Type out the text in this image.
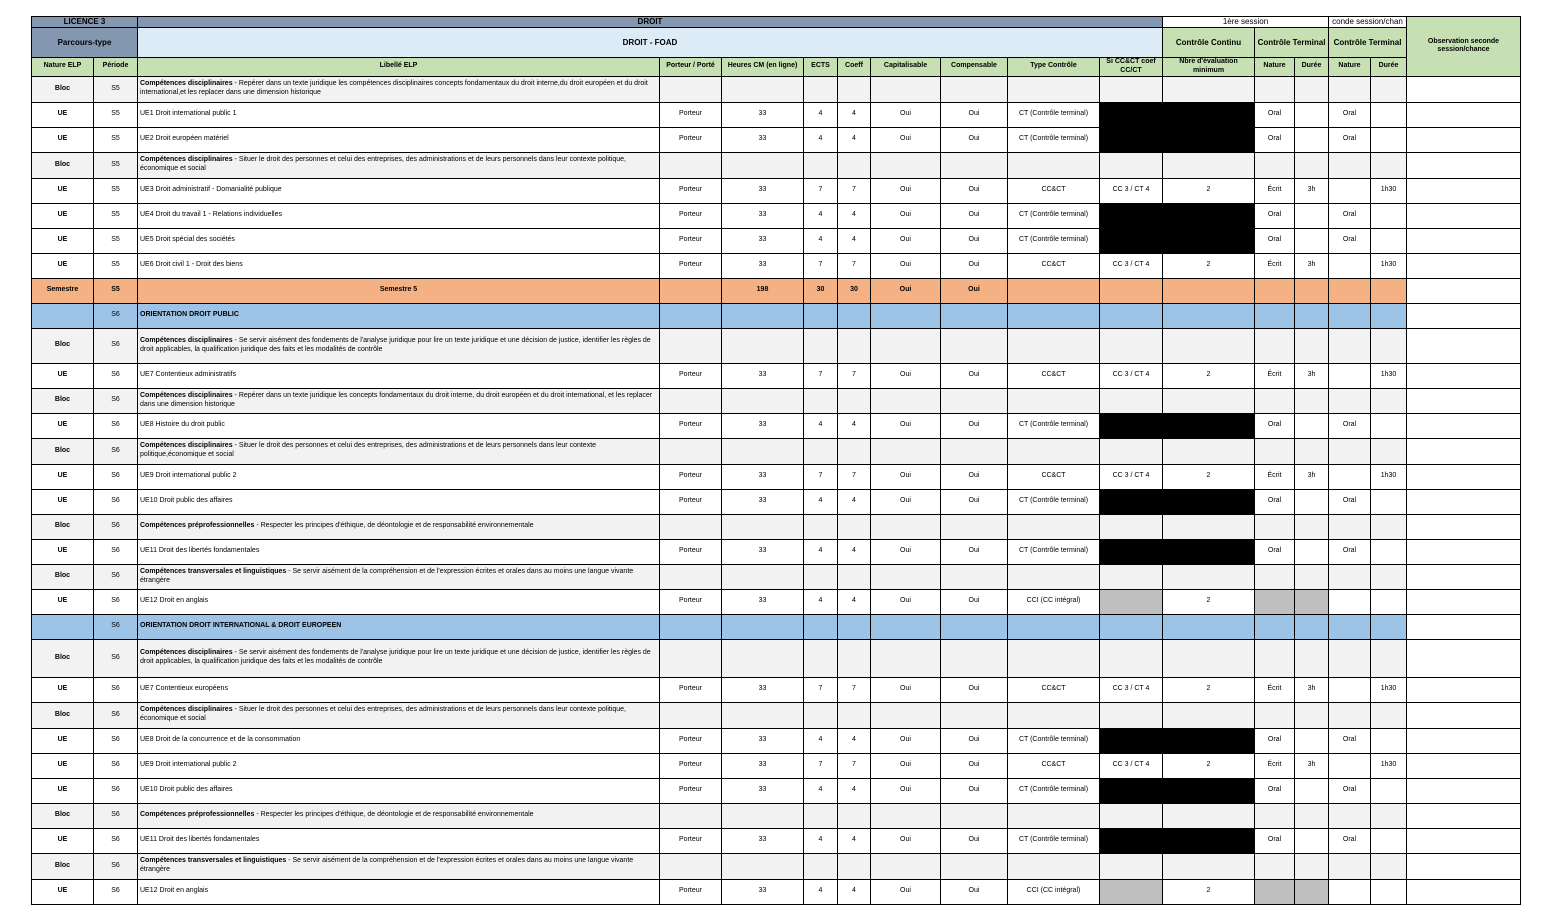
LICENCE 3		DROIT									1ère session			conde session/chan		Observation seconde session/chance
Parcours-type		DROIT - FOAD									Contrôle Continu	Contrôle Terminal		Contrôle Terminal		
Nature ELP	Période	Libellé ELP	Porteur / Porté	Heures CM (en ligne)	ECTS	Coeff	Capitalisable	Compensable	Type Contrôle	Si CC&CT coef CC/CT	Nbre d'évaluation minimum	Nature	Durée	Nature	Durée	
Bloc	S5	Compétences disciplinaires - Repérer dans un texte juridique les compétences disciplinaires concepts fondamentaux du droit interne,du droit européen et du droit international,et les replacer dans une dimension historique														
UE	S5	UE1 Droit international public 1	Porteur	33	4	4	Oui	Oui	CT (Contrôle terminal)			Oral		Oral		
UE	S5	UE2 Droit européen matériel	Porteur	33	4	4	Oui	Oui	CT (Contrôle terminal)			Oral		Oral		
Bloc	S5	Compétences disciplinaires - Situer le droit des personnes et celui des entreprises, des administrations et de leurs personnels dans leur contexte politique, économique et social														
UE	S5	UE3 Droit administratif - Domanialité publique	Porteur	33	7	7	Oui	Oui	CC&CT	CC 3 / CT 4	2	Écrit	3h		1h30	
UE	S5	UE4 Droit du travail 1 - Relations individuelles	Porteur	33	4	4	Oui	Oui	CT (Contrôle terminal)			Oral		Oral		
UE	S5	UE5 Droit spécial des sociétés	Porteur	33	4	4	Oui	Oui	CT (Contrôle terminal)			Oral		Oral		
UE	S5	UE6 Droit civil 1 - Droit des biens	Porteur	33	7	7	Oui	Oui	CC&CT	CC 3 / CT 4	2	Écrit	3h		1h30	
Semestre	S5	Semestre 5		198	30	30	Oui	Oui								
	S6	ORIENTATION DROIT PUBLIC														
Bloc	S6	Compétences disciplinaires - Se servir aisément des fondements de l'analyse juridique pour lire un texte juridique et une décision de justice, identifier les règles de droit applicables, la qualification juridique des faits et les modalités de contrôle														
UE	S6	UE7 Contentieux administratifs	Porteur	33	7	7	Oui	Oui	CC&CT	CC 3 / CT 4	2	Écrit	3h		1h30	
Bloc	S6	Compétences disciplinaires - Repérer dans un texte juridique les concepts fondamentaux du droit interne, du droit européen et du droit international, et les replacer dans une dimension historique														
UE	S6	UE8 Histoire du droit public	Porteur	33	4	4	Oui	Oui	CT (Contrôle terminal)			Oral		Oral		
Bloc	S6	Compétences disciplinaires - Situer le droit des personnes et celui des entreprises, des administrations et de leurs personnels dans leur contexte politique,économique et social														
UE	S6	UE9 Droit international public 2	Porteur	33	7	7	Oui	Oui	CC&CT	CC 3 / CT 4	2	Écrit	3h		1h30	
UE	S6	UE10 Droit public des affaires	Porteur	33	4	4	Oui	Oui	CT (Contrôle terminal)			Oral		Oral		
Bloc	S6	Compétences préprofessionnelles - Respecter les principes d'éthique, de déontologie et de responsabilité environnementale														
UE	S6	UE11 Droit des libertés fondamentales	Porteur	33	4	4	Oui	Oui	CT (Contrôle terminal)			Oral		Oral		
Bloc	S6	Compétences transversales et linguistiques - Se servir aisément de la compréhension et de l'expression écrites et orales dans au moins une langue vivante étrangère														
UE	S6	UE12 Droit en anglais	Porteur	33	4	4	Oui	Oui	CCI (CC intégral)		2					
	S6	ORIENTATION DROIT INTERNATIONAL & DROIT EUROPEEN														
Bloc	S6	Compétences disciplinaires - Se servir aisément des fondements de l'analyse juridique pour lire un texte juridique et une décision de justice, identifier les règles de droit applicables, la qualification juridique des faits et les modalités de contrôle														
UE	S6	UE7 Contentieux européens	Porteur	33	7	7	Oui	Oui	CC&CT	CC 3 / CT 4	2	Écrit	3h		1h30	
Bloc	S6	Compétences disciplinaires - Situer le droit des personnes et celui des entreprises, des administrations et de leurs personnels dans leur contexte politique, économique et social														
UE	S6	UE8 Droit de la concurrence et de la consommation	Porteur	33	4	4	Oui	Oui	CT (Contrôle terminal)			Oral		Oral		
UE	S6	UE9 Droit international public 2	Porteur	33	7	7	Oui	Oui	CC&CT	CC 3 / CT 4	2	Écrit	3h		1h30	
UE	S6	UE10 Droit public des affaires	Porteur	33	4	4	Oui	Oui	CT (Contrôle terminal)			Oral		Oral		
Bloc	S6	Compétences préprofessionnelles - Respecter les principes d'éthique, de déontologie et de responsabilité environnementale														
UE	S6	UE11 Droit des libertés fondamentales	Porteur	33	4	4	Oui	Oui	CT (Contrôle terminal)			Oral		Oral		
Bloc	S6	Compétences transversales et linguistiques - Se servir aisément de la compréhension et de l'expression écrites et orales dans au moins une langue vivante étrangère														
UE	S6	UE12 Droit en anglais	Porteur	33	4	4	Oui	Oui	CCI (CC intégral)		2					
